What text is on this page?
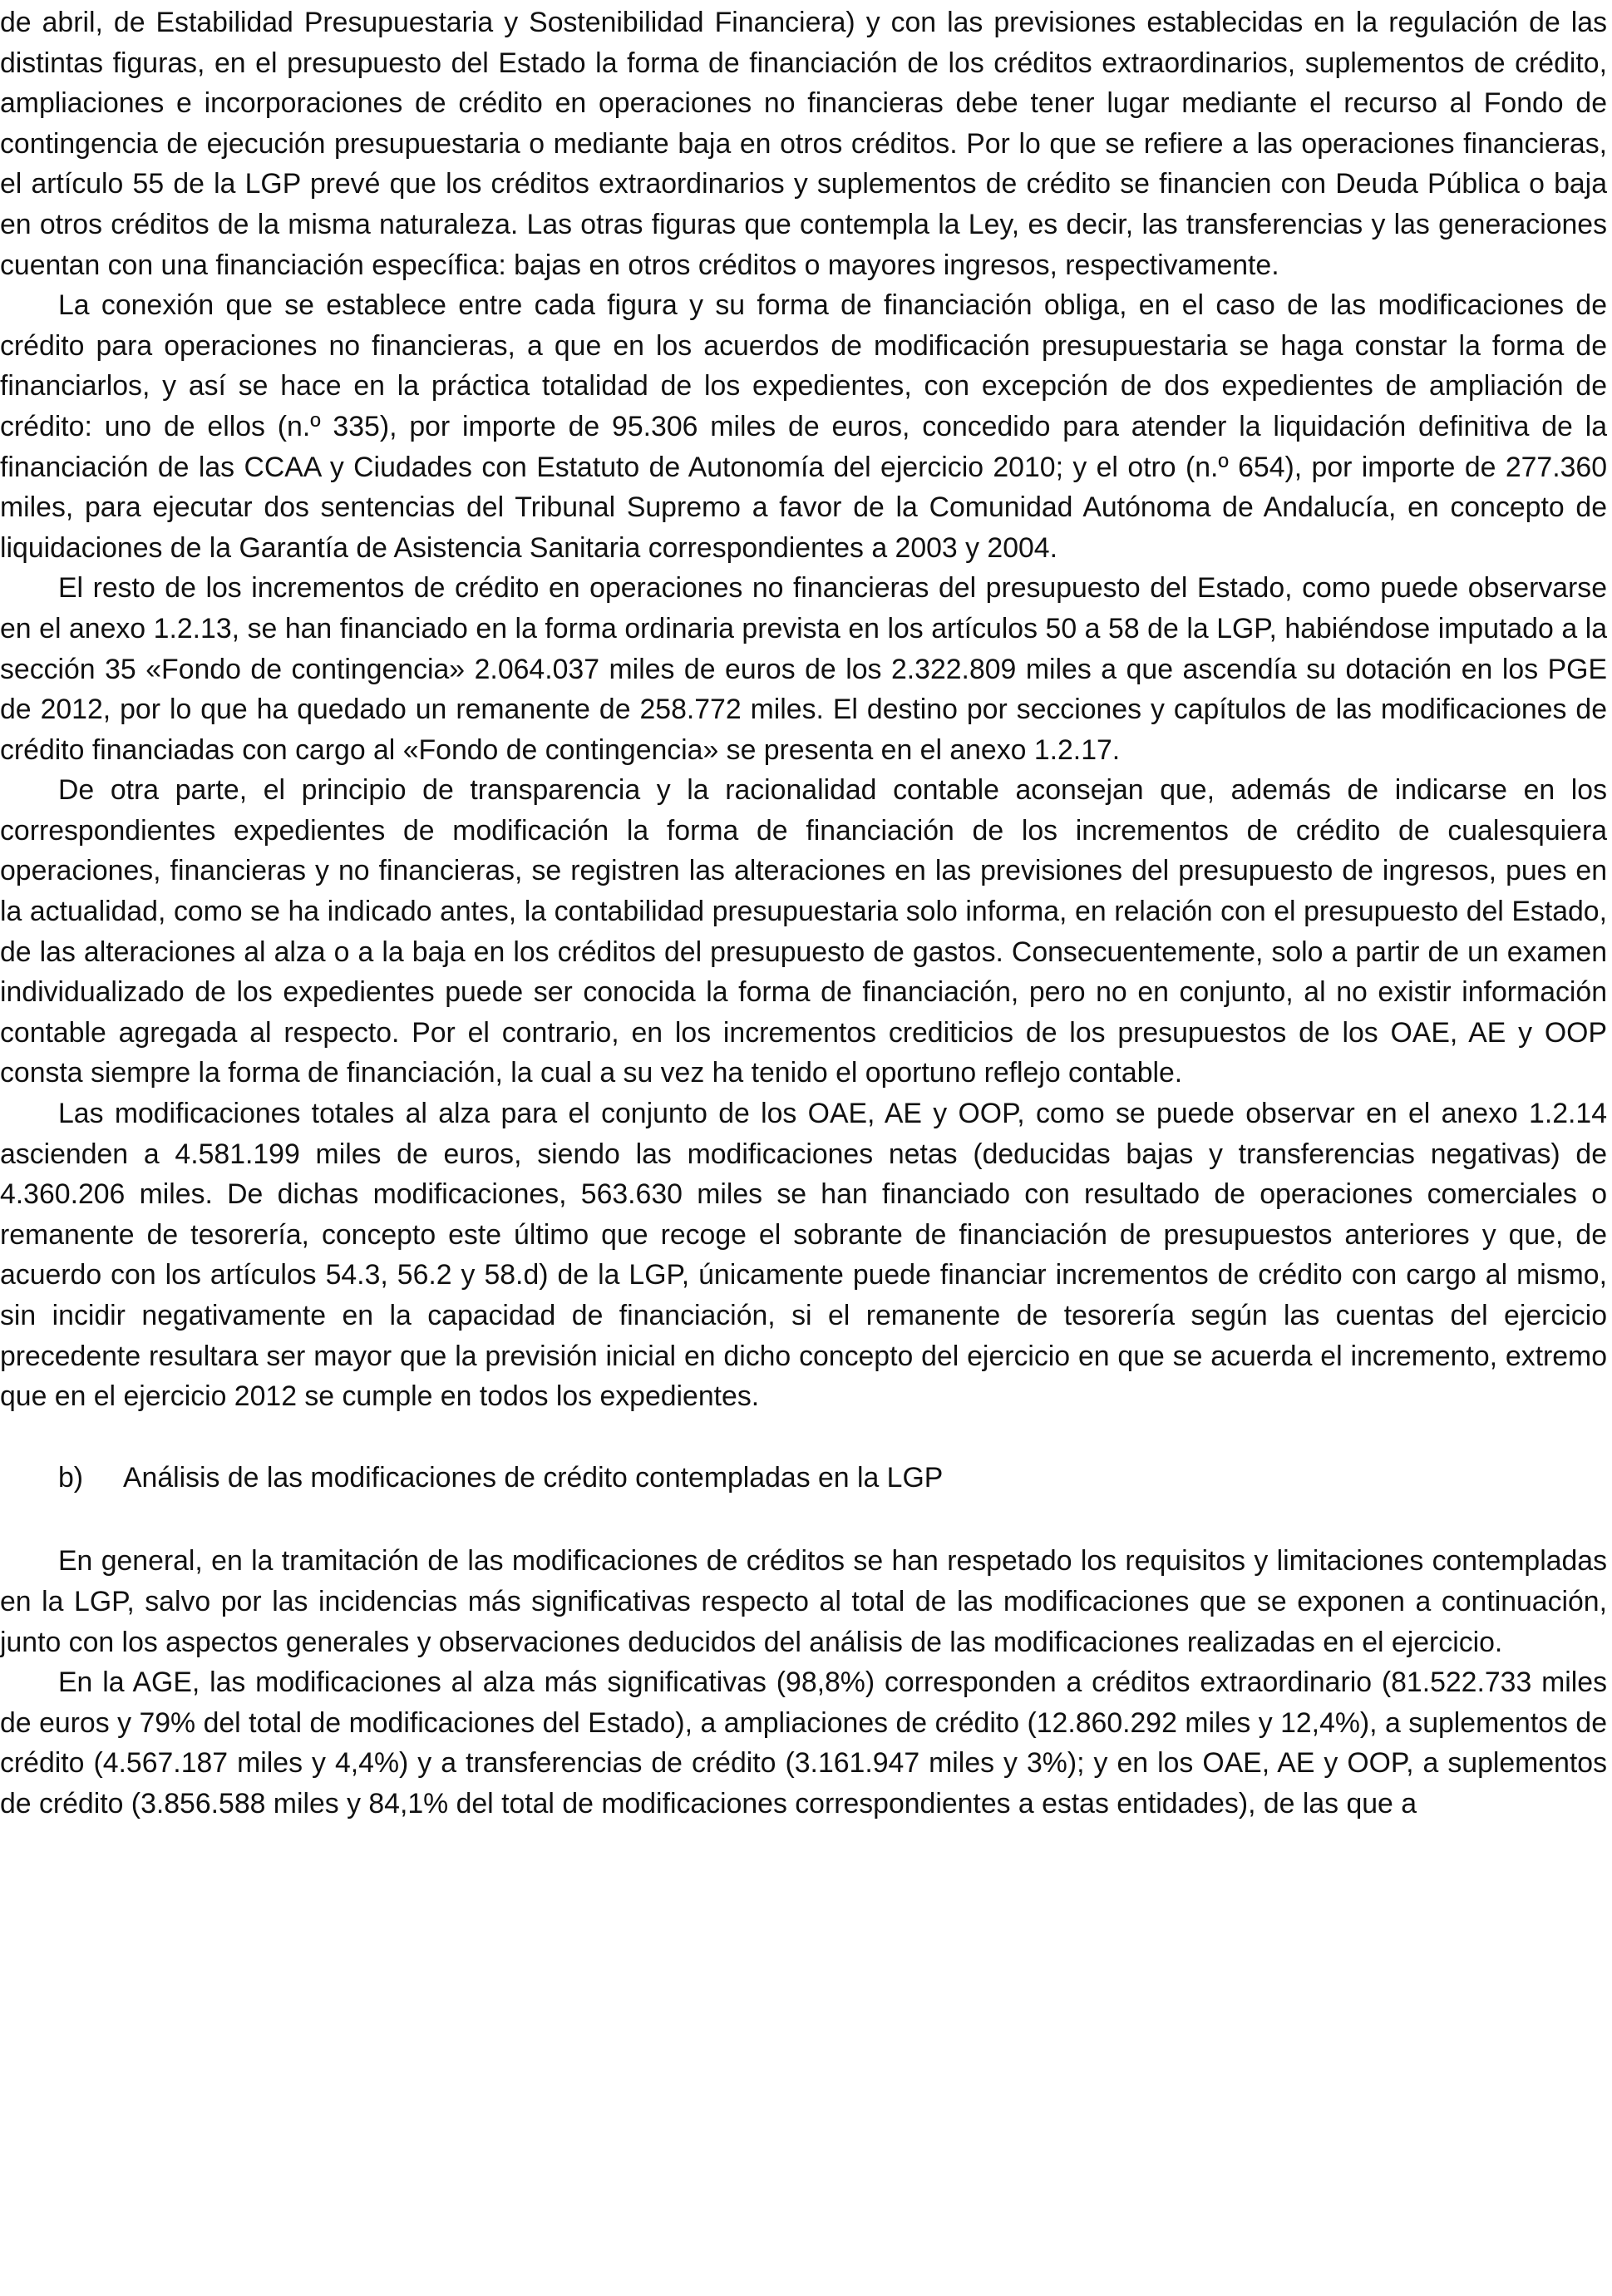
de abril, de Estabilidad Presupuestaria y Sostenibilidad Financiera) y con las previsiones establecidas en la regulación de las distintas figuras, en el presupuesto del Estado la forma de financiación de los créditos extraordinarios, suplementos de crédito, ampliaciones e incorporaciones de crédito en operaciones no financieras debe tener lugar mediante el recurso al Fondo de contingencia de ejecución presupuestaria o mediante baja en otros créditos. Por lo que se refiere a las operaciones financieras, el artículo 55 de la LGP prevé que los créditos extraordinarios y suplementos de crédito se financien con Deuda Pública o baja en otros créditos de la misma naturaleza. Las otras figuras que contempla la Ley, es decir, las transferencias y las generaciones cuentan con una financiación específica: bajas en otros créditos o mayores ingresos, respectivamente.

La conexión que se establece entre cada figura y su forma de financiación obliga, en el caso de las modificaciones de crédito para operaciones no financieras, a que en los acuerdos de modificación presupuestaria se haga constar la forma de financiarlos, y así se hace en la práctica totalidad de los expedientes, con excepción de dos expedientes de ampliación de crédito: uno de ellos (n.º 335), por importe de 95.306 miles de euros, concedido para atender la liquidación definitiva de la financiación de las CCAA y Ciudades con Estatuto de Autonomía del ejercicio 2010; y el otro (n.º 654), por importe de 277.360 miles, para ejecutar dos sentencias del Tribunal Supremo a favor de la Comunidad Autónoma de Andalucía, en concepto de liquidaciones de la Garantía de Asistencia Sanitaria correspondientes a 2003 y 2004.

El resto de los incrementos de crédito en operaciones no financieras del presupuesto del Estado, como puede observarse en el anexo 1.2.13, se han financiado en la forma ordinaria prevista en los artículos 50 a 58 de la LGP, habiéndose imputado a la sección 35 «Fondo de contingencia» 2.064.037 miles de euros de los 2.322.809 miles a que ascendía su dotación en los PGE de 2012, por lo que ha quedado un remanente de 258.772 miles. El destino por secciones y capítulos de las modificaciones de crédito financiadas con cargo al «Fondo de contingencia» se presenta en el anexo 1.2.17.

De otra parte, el principio de transparencia y la racionalidad contable aconsejan que, además de indicarse en los correspondientes expedientes de modificación la forma de financiación de los incrementos de crédito de cualesquiera operaciones, financieras y no financieras, se registren las alteraciones en las previsiones del presupuesto de ingresos, pues en la actualidad, como se ha indicado antes, la contabilidad presupuestaria solo informa, en relación con el presupuesto del Estado, de las alteraciones al alza o a la baja en los créditos del presupuesto de gastos. Consecuentemente, solo a partir de un examen individualizado de los expedientes puede ser conocida la forma de financiación, pero no en conjunto, al no existir información contable agregada al respecto. Por el contrario, en los incrementos crediticios de los presupuestos de los OAE, AE y OOP consta siempre la forma de financiación, la cual a su vez ha tenido el oportuno reflejo contable.

Las modificaciones totales al alza para el conjunto de los OAE, AE y OOP, como se puede observar en el anexo 1.2.14 ascienden a 4.581.199 miles de euros, siendo las modificaciones netas (deducidas bajas y transferencias negativas) de 4.360.206 miles. De dichas modificaciones, 563.630 miles se han financiado con resultado de operaciones comerciales o remanente de tesorería, concepto este último que recoge el sobrante de financiación de presupuestos anteriores y que, de acuerdo con los artículos 54.3, 56.2 y 58.d) de la LGP, únicamente puede financiar incrementos de crédito con cargo al mismo, sin incidir negativamente en la capacidad de financiación, si el remanente de tesorería según las cuentas del ejercicio precedente resultara ser mayor que la previsión inicial en dicho concepto del ejercicio en que se acuerda el incremento, extremo que en el ejercicio 2012 se cumple en todos los expedientes.

b) Análisis de las modificaciones de crédito contempladas en la LGP

En general, en la tramitación de las modificaciones de créditos se han respetado los requisitos y limitaciones contempladas en la LGP, salvo por las incidencias más significativas respecto al total de las modificaciones que se exponen a continuación, junto con los aspectos generales y observaciones deducidos del análisis de las modificaciones realizadas en el ejercicio.

En la AGE, las modificaciones al alza más significativas (98,8%) corresponden a créditos extraordinario (81.522.733 miles de euros y 79% del total de modificaciones del Estado), a ampliaciones de crédito (12.860.292 miles y 12,4%), a suplementos de crédito (4.567.187 miles y 4,4%) y a transferencias de crédito (3.161.947 miles y 3%); y en los OAE, AE y OOP, a suplementos de crédito (3.856.588 miles y 84,1% del total de modificaciones correspondientes a estas entidades), de las que a
